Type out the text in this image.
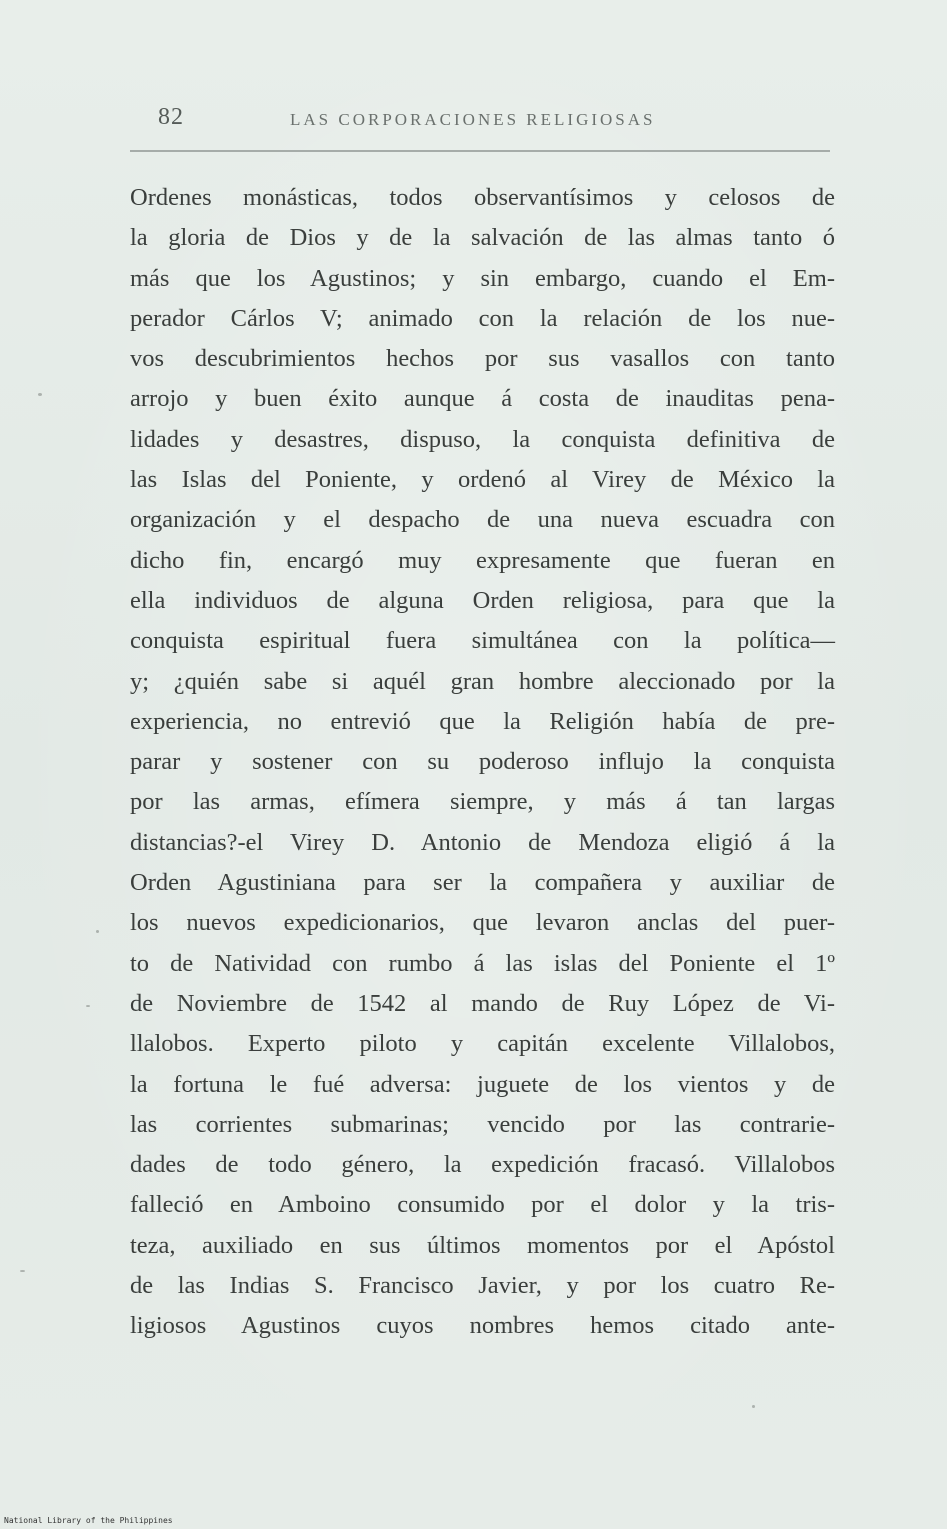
82	LAS CORPORACIONES RELIGIOSAS
Ordenes monásticas, todos observantísimos y celosos de
la gloria de Dios y de la salvación de las almas tanto ó
más que los Agustinos; y sin embargo, cuando el Em-
perador Cárlos V; animado con la relación de los nue-
vos descubrimientos hechos por sus vasallos con tanto
arrojo y buen éxito aunque á costa de inauditas pena-
lidades y desastres, dispuso, la conquista definitiva de
las Islas del Poniente, y ordenó al Virey de México la
organización y el despacho de una nueva escuadra con
dicho fin, encargó muy expresamente que fueran en
ella individuos de alguna Orden religiosa, para que la
conquista espiritual fuera simultánea con la política—
y; ¿quién sabe si aquél gran hombre aleccionado por la
experiencia, no entrevió que la Religión había de pre-
parar y sostener con su poderoso influjo la conquista
por las armas, efímera siempre, y más á tan largas
distancias?-el Virey D. Antonio de Mendoza eligió á la
Orden Agustiniana para ser la compañera y auxiliar de
los nuevos expedicionarios, que levaron anclas del puer-
to de Natividad con rumbo á las islas del Poniente el 1º
de Noviembre de 1542 al mando de Ruy López de Vi-
llalobos. Experto piloto y capitán excelente Villalobos,
la fortuna le fué adversa: juguete de los vientos y de
las corrientes submarinas; vencido por las contrarie-
dades de todo género, la expedición fracasó. Villalobos
falleció en Amboino consumido por el dolor y la tris-
teza, auxiliado en sus últimos momentos por el Apóstol
de las Indias S. Francisco Javier, y por los cuatro Re-
ligiosos Agustinos cuyos nombres hemos citado ante-
National Library of the Philippines
